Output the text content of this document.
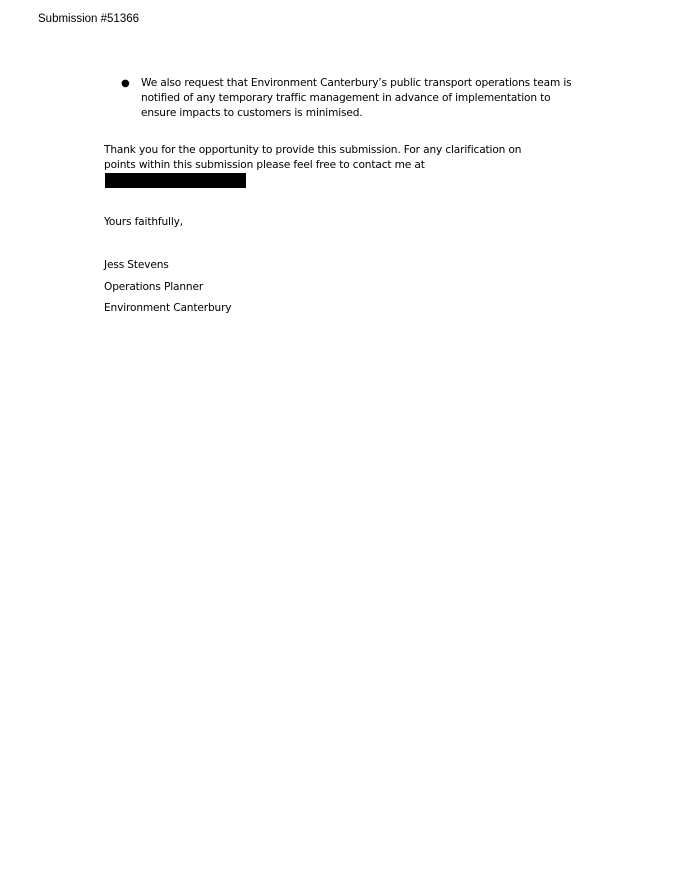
Submission #51366
● We also request that Environment Canterbury’s public transport operations team is notified of any temporary traffic management in advance of implementation to ensure impacts to customers is minimised.
Thank you for the opportunity to provide this submission. For any clarification on points within this submission please feel free to contact me at
Yours faithfully,
Jess Stevens
Operations Planner
Environment Canterbury
